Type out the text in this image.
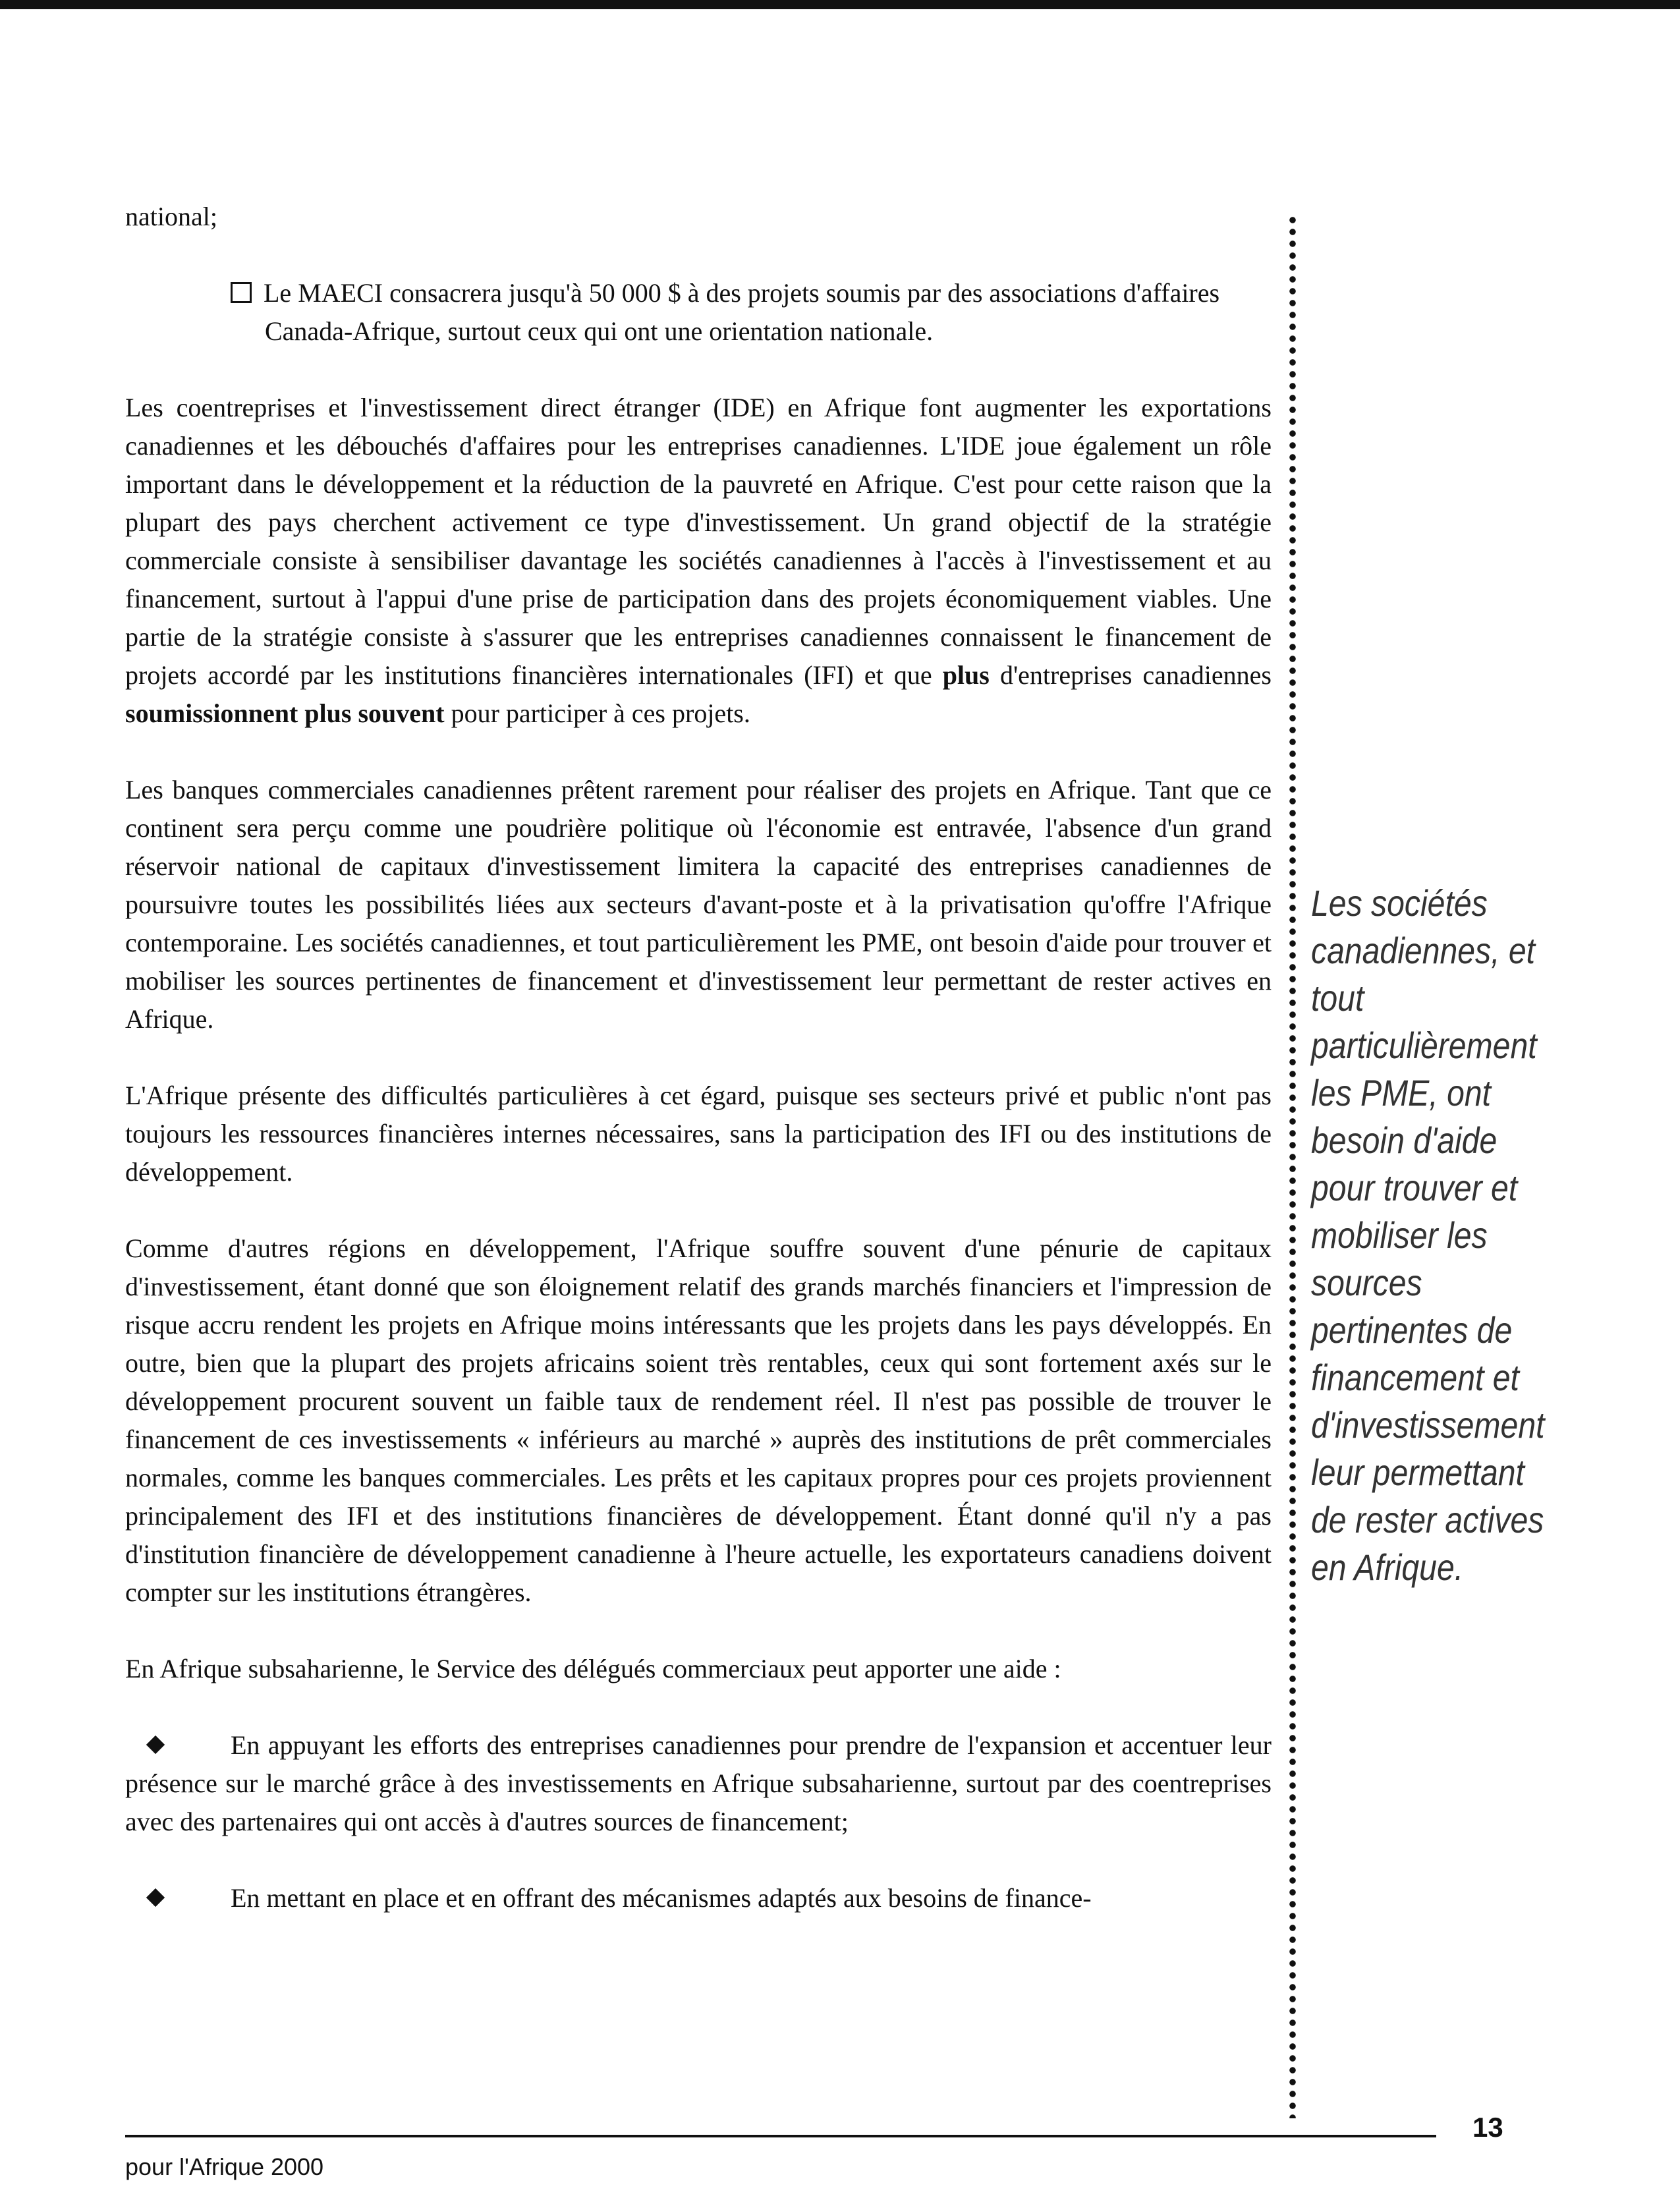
national;

Le MAECI consacrera jusqu'à 50 000 $ à des projets soumis par des associations d'affaires Canada-Afrique, surtout ceux qui ont une orientation nationale.

Les coentreprises et l'investissement direct étranger (IDE) en Afrique font augmenter les exportations canadiennes et les débouchés d'affaires pour les entreprises canadiennes. L'IDE joue également un rôle important dans le développement et la réduction de la pauvreté en Afrique. C'est pour cette raison que la plupart des pays cherchent activement ce type d'investissement. Un grand objectif de la stratégie commerciale consiste à sensibiliser davantage les sociétés canadiennes à l'accès à l'investissement et au financement, surtout à l'appui d'une prise de participation dans des projets économiquement viables. Une partie de la stratégie consiste à s'assurer que les entreprises canadiennes connaissent le financement de projets accordé par les institutions financières internationales (IFI) et que plus d'entreprises canadiennes soumissionnent plus souvent pour participer à ces projets.

Les banques commerciales canadiennes prêtent rarement pour réaliser des projets en Afrique. Tant que ce continent sera perçu comme une poudrière politique où l'économie est entravée, l'absence d'un grand réservoir national de capitaux d'investissement limitera la capacité des entreprises canadiennes de poursuivre toutes les possibilités liées aux secteurs d'avant-poste et à la privatisation qu'offre l'Afrique contemporaine. Les sociétés canadiennes, et tout particulièrement les PME, ont besoin d'aide pour trouver et mobiliser les sources pertinentes de financement et d'investissement leur permettant de rester actives en Afrique.

L'Afrique présente des difficultés particulières à cet égard, puisque ses secteurs privé et public n'ont pas toujours les ressources financières internes nécessaires, sans la participation des IFI ou des institutions de développement.

Comme d'autres régions en développement, l'Afrique souffre souvent d'une pénurie de capitaux d'investissement, étant donné que son éloignement relatif des grands marchés financiers et l'impression de risque accru rendent les projets en Afrique moins intéressants que les projets dans les pays développés. En outre, bien que la plupart des projets africains soient très rentables, ceux qui sont fortement axés sur le développement procurent souvent un faible taux de rendement réel. Il n'est pas possible de trouver le financement de ces investissements « inférieurs au marché » auprès des institutions de prêt commerciales normales, comme les banques commerciales. Les prêts et les capitaux propres pour ces projets proviennent principalement des IFI et des institutions financières de développement. Étant donné qu'il n'y a pas d'institution financière de développement canadienne à l'heure actuelle, les exportateurs canadiens doivent compter sur les institutions étrangères.

En Afrique subsaharienne, le Service des délégués commerciaux peut apporter une aide :

En appuyant les efforts des entreprises canadiennes pour prendre de l'expansion et accentuer leur présence sur le marché grâce à des investissements en Afrique subsaharienne, surtout par des coentreprises avec des partenaires qui ont accès à d'autres sources de financement;
En mettant en place et en offrant des mécanismes adaptés aux besoins de finance-
Les sociétés canadiennes, et tout particulièrement les PME, ont besoin d'aide pour trouver et mobiliser les sources pertinentes de financement et d'investissement leur permettant de rester actives en Afrique.
13
pour l'Afrique 2000
